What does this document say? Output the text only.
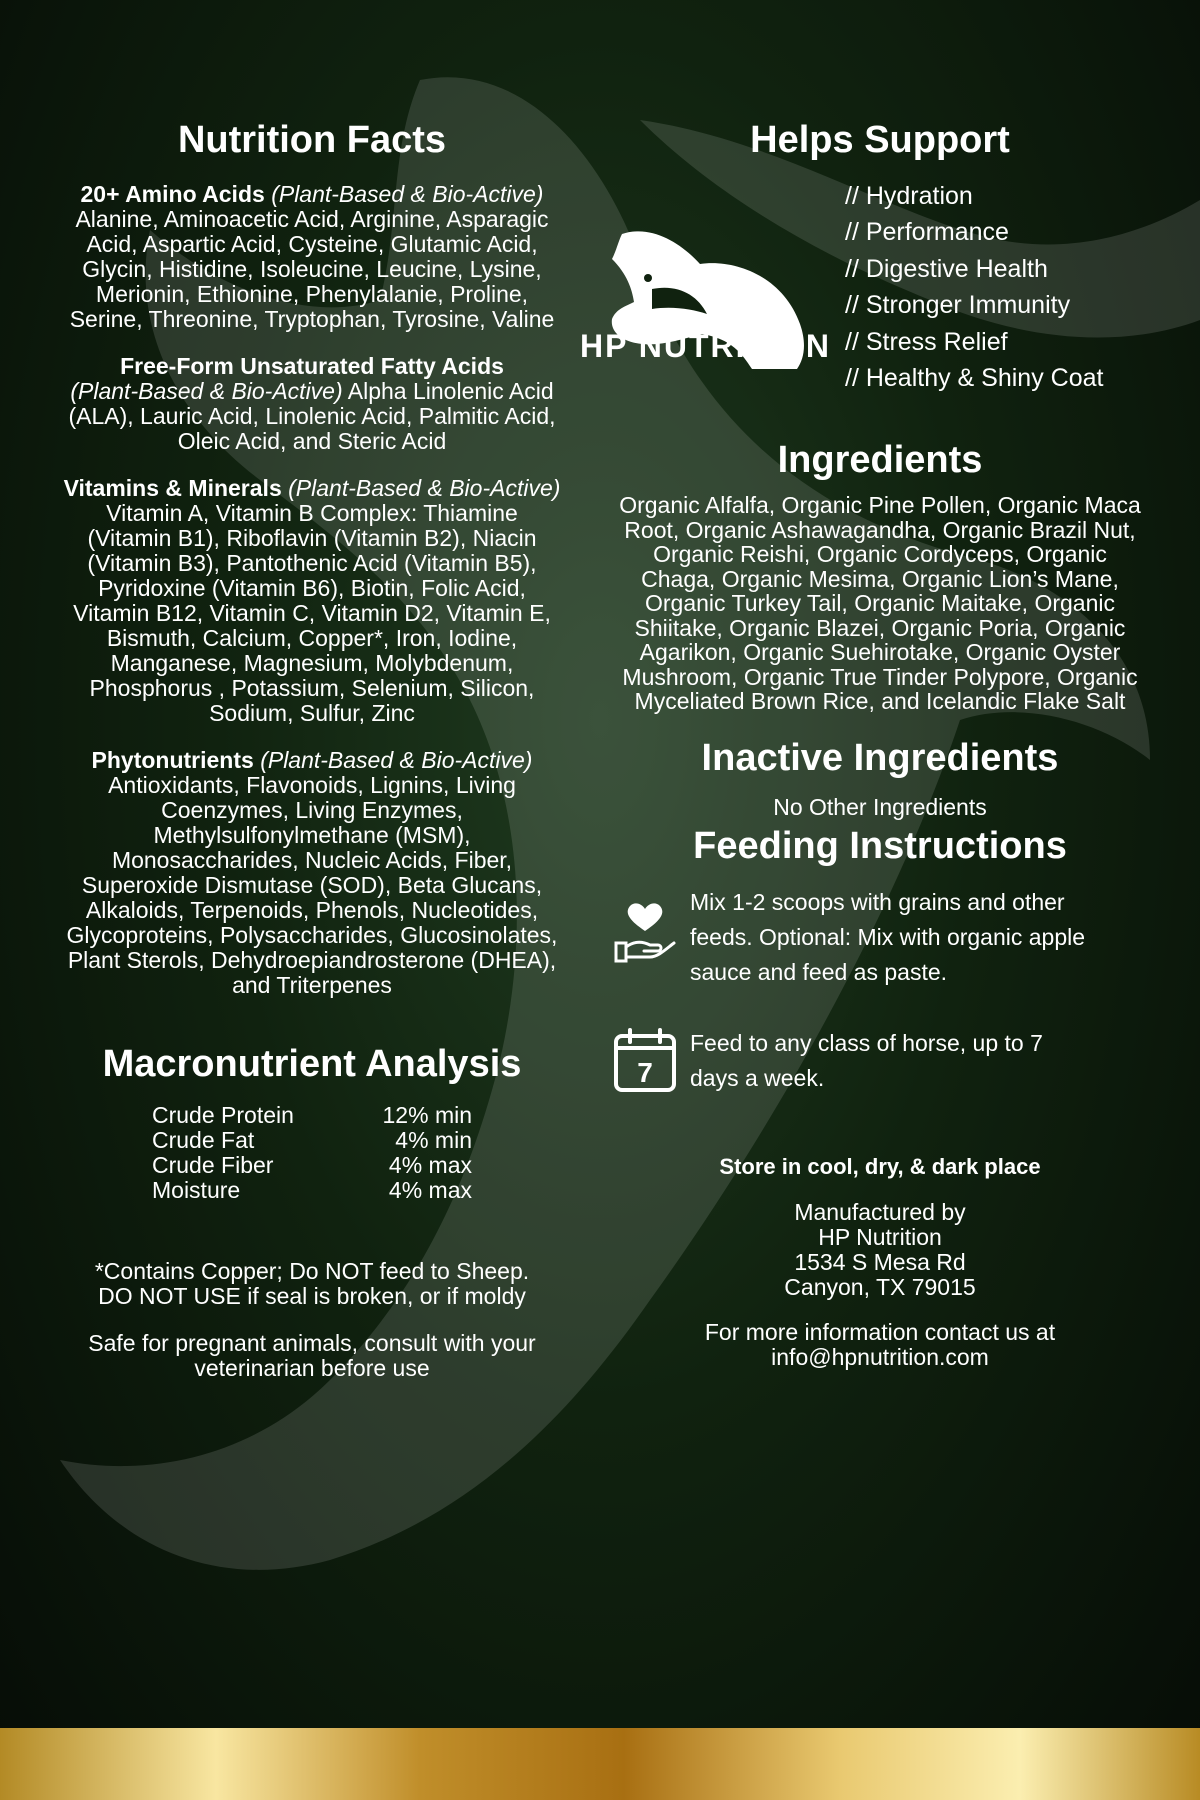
Nutrition Facts

20+ Amino Acids (Plant-Based & Bio-Active) Alanine, Aminoacetic Acid, Arginine, Asparagic Acid, Aspartic Acid, Cysteine, Glutamic Acid, Glycin, Histidine, Isoleucine, Leucine, Lysine, Merionin, Ethionine, Phenylalanie, Proline, Serine, Threonine, Tryptophan, Tyrosine, Valine

Free-Form Unsaturated Fatty Acids
(Plant-Based & Bio-Active) Alpha Linolenic Acid (ALA), Lauric Acid, Linolenic Acid, Palmitic Acid, Oleic Acid, and Steric Acid

Vitamins & Minerals (Plant-Based & Bio-Active) Vitamin A, Vitamin B Complex: Thiamine (Vitamin B1), Riboflavin (Vitamin B2), Niacin (Vitamin B3), Pantothenic Acid (Vitamin B5), Pyridoxine (Vitamin B6), Biotin, Folic Acid, Vitamin B12, Vitamin C, Vitamin D2, Vitamin E, Bismuth, Calcium, Copper*, Iron, Iodine, Manganese, Magnesium, Molybdenum, Phosphorus , Potassium, Selenium, Silicon, Sodium, Sulfur, Zinc

Phytonutrients (Plant-Based & Bio-Active) Antioxidants, Flavonoids, Lignins, Living Coenzymes, Living Enzymes, Methylsulfonylmethane (MSM), Monosaccharides, Nucleic Acids, Fiber, Superoxide Dismutase (SOD), Beta Glucans, Alkaloids, Terpenoids, Phenols, Nucleotides, Glycoproteins, Polysaccharides, Glucosinolates, Plant Sterols, Dehydroepiandrosterone (DHEA), and Triterpenes

Macronutrient Analysis
Crude Protein	12% min
Crude Fat	4% min
Crude Fiber	4% max
Moisture	4% max

*Contains Copper; Do NOT feed to Sheep.
DO NOT USE if seal is broken, or if moldy

Safe for pregnant animals, consult with your veterinarian before use

Helps Support
HP NUTRITION
// Hydration
// Performance
// Digestive Health
// Stronger Immunity
// Stress Relief
// Healthy & Shiny Coat
Ingredients

Organic Alfalfa, Organic Pine Pollen, Organic Maca Root, Organic Ashawagandha, Organic Brazil Nut, Organic Reishi, Organic Cordyceps, Organic Chaga, Organic Mesima, Organic Lion’s Mane, Organic Turkey Tail, Organic Maitake, Organic Shiitake, Organic Blazei, Organic Poria, Organic Agarikon, Organic Suehirotake, Organic Oyster Mushroom, Organic True Tinder Polypore, Organic Myceliated Brown Rice, and Icelandic Flake Salt

Inactive Ingredients

No Other Ingredients

Feeding Instructions
Mix 1-2 scoops with grains and other feeds. Optional: Mix with organic apple sauce and feed as paste.
7
Feed to any class of horse, up to 7 days a week.
Store in cool, dry, & dark place
Manufactured by
HP Nutrition
1534 S Mesa Rd
Canyon, TX 79015
For more information contact us at
info@hpnutrition.com
